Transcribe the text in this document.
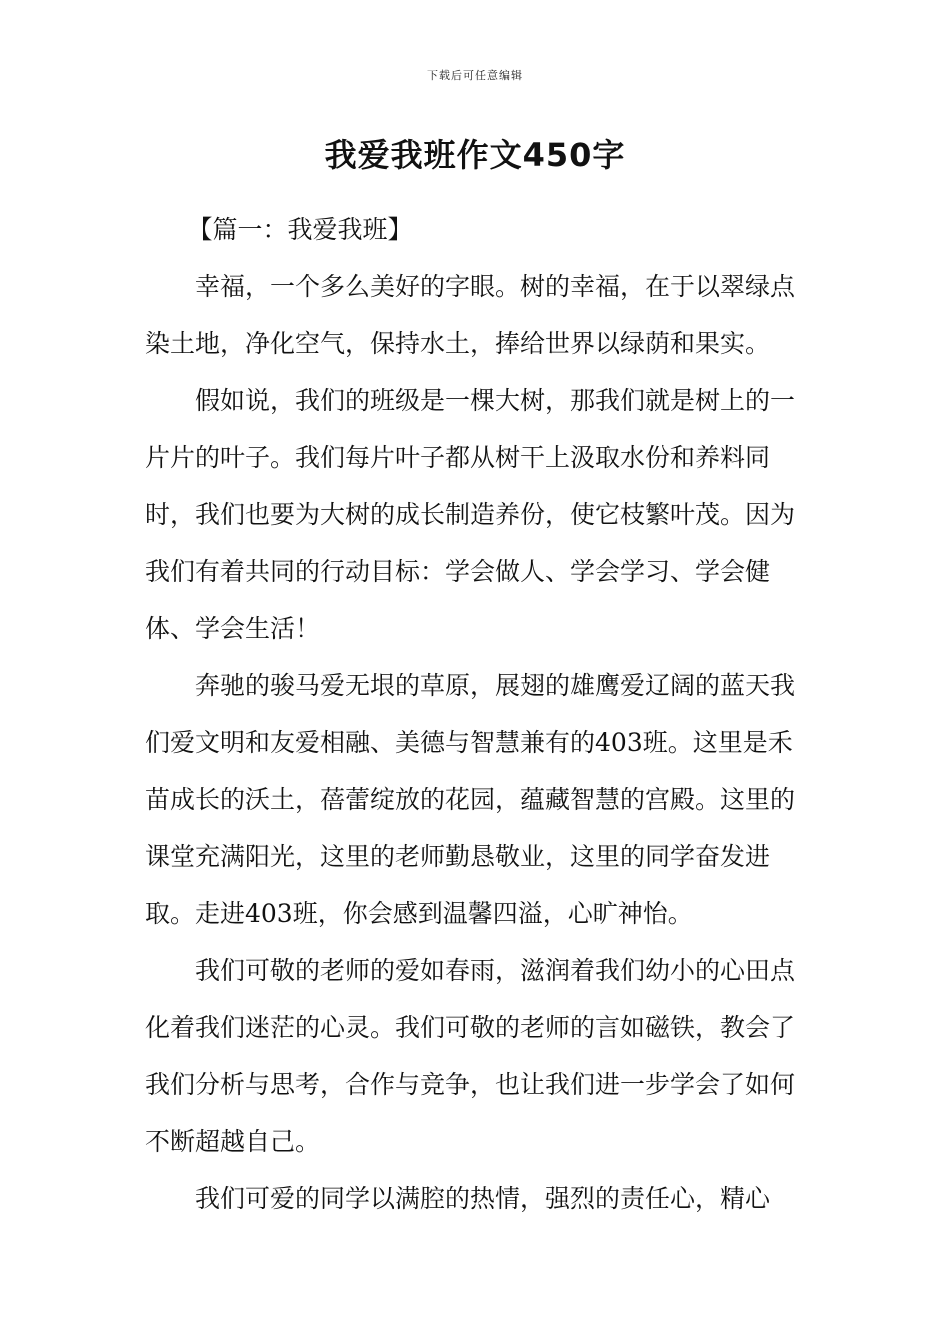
下载后可任意编辑
我爱我班作文450字

【篇一：我爱我班】

幸福，一个多么美好的字眼。树的幸福，在于以翠绿点染土地，净化空气，保持水土，捧给世界以绿荫和果实。

假如说，我们的班级是一棵大树，那我们就是树上的一片片的叶子。我们每片叶子都从树干上汲取水份和养料同时，我们也要为大树的成长制造养份，使它枝繁叶茂。因为我们有着共同的行动目标：学会做人、学会学习、学会健体、学会生活！

奔驰的骏马爱无垠的草原，展翅的雄鹰爱辽阔的蓝天我们爱文明和友爱相融、美德与智慧兼有的403班。这里是禾苗成长的沃土，蓓蕾绽放的花园，蕴藏智慧的宫殿。这里的课堂充满阳光，这里的老师勤恳敬业，这里的同学奋发进取。走进403班，你会感到温馨四溢，心旷神怡。

我们可敬的老师的爱如春雨，滋润着我们幼小的心田点化着我们迷茫的心灵。我们可敬的老师的言如磁铁，教会了我们分析与思考，合作与竞争，也让我们进一步学会了如何不断超越自己。

我们可爱的同学以满腔的热情，强烈的责任心，精心
